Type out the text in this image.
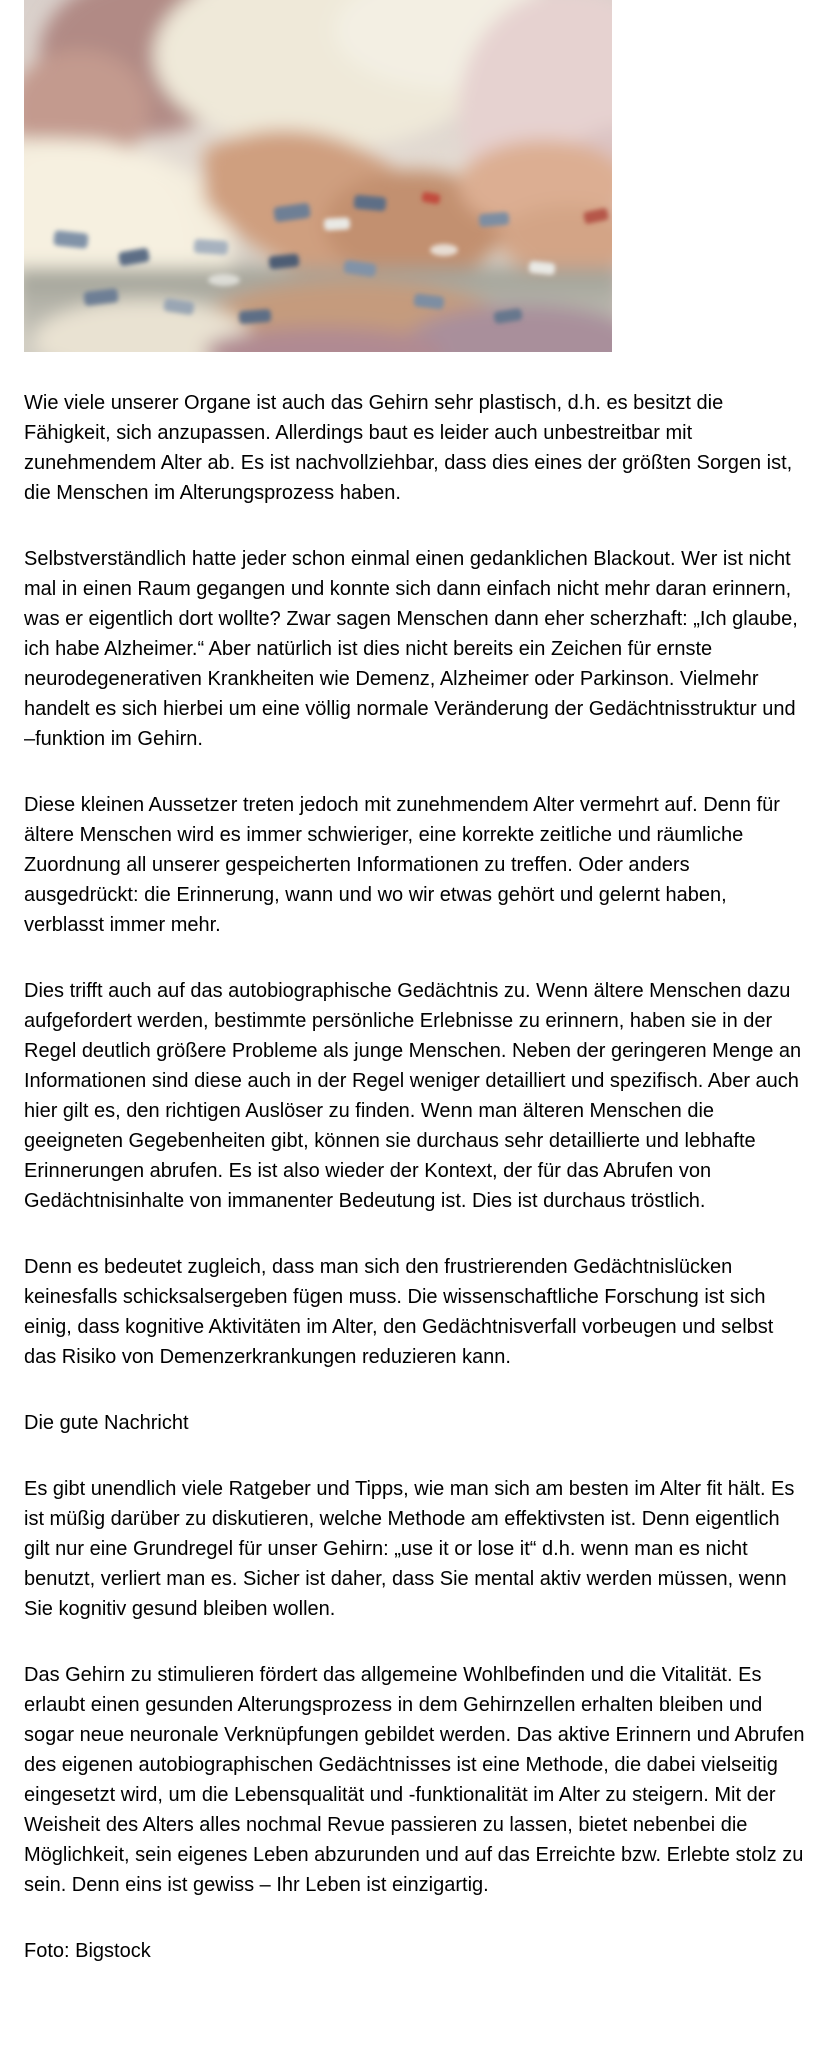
Wie viele unserer Organe ist auch das Gehirn sehr plastisch, d.h. es besitzt die Fähigkeit, sich anzupassen. Allerdings baut es leider auch unbestreitbar mit zunehmendem Alter ab. Es ist nachvollziehbar, dass dies eines der größten Sorgen ist, die Menschen im Alterungsprozess haben.

Selbstverständlich hatte jeder schon einmal einen gedanklichen Blackout. Wer ist nicht mal in einen Raum gegangen und konnte sich dann einfach nicht mehr daran erinnern, was er eigentlich dort wollte? Zwar sagen Menschen dann eher scherzhaft: „Ich glaube, ich habe Alzheimer.“ Aber natürlich ist dies nicht bereits ein Zeichen für ernste neurodegenerativen Krankheiten wie Demenz, Alzheimer oder Parkinson. Vielmehr handelt es sich hierbei um eine völlig normale Veränderung der Gedächtnisstruktur und –funktion im Gehirn.

Diese kleinen Aussetzer treten jedoch mit zunehmendem Alter vermehrt auf. Denn für ältere Menschen wird es immer schwieriger, eine korrekte zeitliche und räumliche Zuordnung all unserer gespeicherten Informationen zu treffen. Oder anders ausgedrückt: die Erinnerung, wann und wo wir etwas gehört und gelernt haben, verblasst immer mehr.

Dies trifft auch auf das autobiographische Gedächtnis zu. Wenn ältere Menschen dazu aufgefordert werden, bestimmte persönliche Erlebnisse zu erinnern, haben sie in der Regel deutlich größere Probleme als junge Menschen. Neben der geringeren Menge an Informationen sind diese auch in der Regel weniger detailliert und spezifisch. Aber auch hier gilt es, den richtigen Auslöser zu finden. Wenn man älteren Menschen die geeigneten Gegebenheiten gibt, können sie durchaus sehr detaillierte und lebhafte Erinnerungen abrufen. Es ist also wieder der Kontext, der für das Abrufen von Gedächtnisinhalte von immanenter Bedeutung ist. Dies ist durchaus tröstlich.

Denn es bedeutet zugleich, dass man sich den frustrierenden Gedächtnislücken keinesfalls schicksalsergeben fügen muss. Die wissenschaftliche Forschung ist sich einig, dass kognitive Aktivitäten im Alter, den Gedächtnisverfall vorbeugen und selbst das Risiko von Demenzerkrankungen reduzieren kann.

Die gute Nachricht

Es gibt unendlich viele Ratgeber und Tipps, wie man sich am besten im Alter fit hält. Es ist müßig darüber zu diskutieren, welche Methode am effektivsten ist. Denn eigentlich gilt nur eine Grundregel für unser Gehirn: „use it or lose it“ d.h. wenn man es nicht benutzt, verliert man es. Sicher ist daher, dass Sie mental aktiv werden müssen, wenn Sie kognitiv gesund bleiben wollen.

Das Gehirn zu stimulieren fördert das allgemeine Wohlbefinden und die Vitalität. Es erlaubt einen gesunden Alterungsprozess in dem Gehirnzellen erhalten bleiben und sogar neue neuronale Verknüpfungen gebildet werden. Das aktive Erinnern und Abrufen des eigenen autobiographischen Gedächtnisses ist eine Methode, die dabei vielseitig eingesetzt wird, um die Lebensqualität und -funktionalität im Alter zu steigern. Mit der Weisheit des Alters alles nochmal Revue passieren zu lassen, bietet nebenbei die Möglichkeit, sein eigenes Leben abzurunden und auf das Erreichte bzw. Erlebte stolz zu sein. Denn eins ist gewiss – Ihr Leben ist einzigartig.

Foto: Bigstock
